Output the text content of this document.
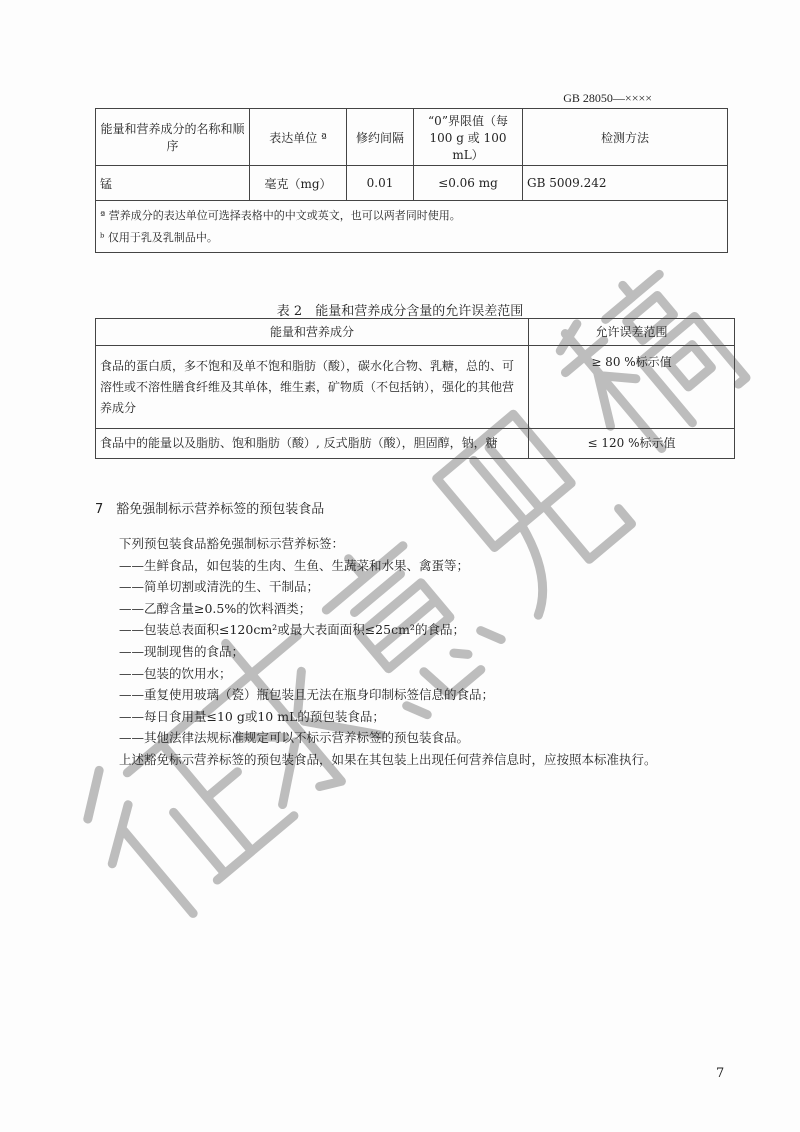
GB 28050—××××
能量和营养成分的名称和顺序	表达单位 ª	修约间隔	“0”界限值（每 100 g 或 100 mL）	检测方法
锰	毫克（mg）	0.01	≤0.06 mg	GB 5009.242

ª 营养成分的表达单位可选择表格中的中文或英文，也可以两者同时使用。
ᵇ 仅用于乳及乳制品中。				
表 2　能量和营养成分含量的允许误差范围
能量和营养成分	允许误差范围
食品的蛋白质，多不饱和及单不饱和脂肪（酸），碳水化合物、乳糖，总的、可溶性或不溶性膳食纤维及其单体，维生素，矿物质（不包括钠），强化的其他营养成分	≥ 80 %标示值
食品中的能量以及脂肪、饱和脂肪（酸）, 反式脂肪（酸），胆固醇，钠，糖	≤ 120 %标示值
7　豁免强制标示营养标签的预包装食品
下列预包装食品豁免强制标示营养标签：
——生鲜食品，如包装的生肉、生鱼、生蔬菜和水果、禽蛋等；
——简单切割或清洗的生、干制品；
——乙醇含量≥0.5%的饮料酒类；
——包装总表面积≤120cm²或最大表面面积≤25cm²的食品；
——现制现售的食品；
——包装的饮用水；
——重复使用玻璃（瓷）瓶包装且无法在瓶身印制标签信息的食品；
——每日食用量≤10 g或10 mL的预包装食品；
——其他法律法规标准规定可以不标示营养标签的预包装食品。
上述豁免标示营养标签的预包装食品，如果在其包装上出现任何营养信息时，应按照本标准执行。
7
